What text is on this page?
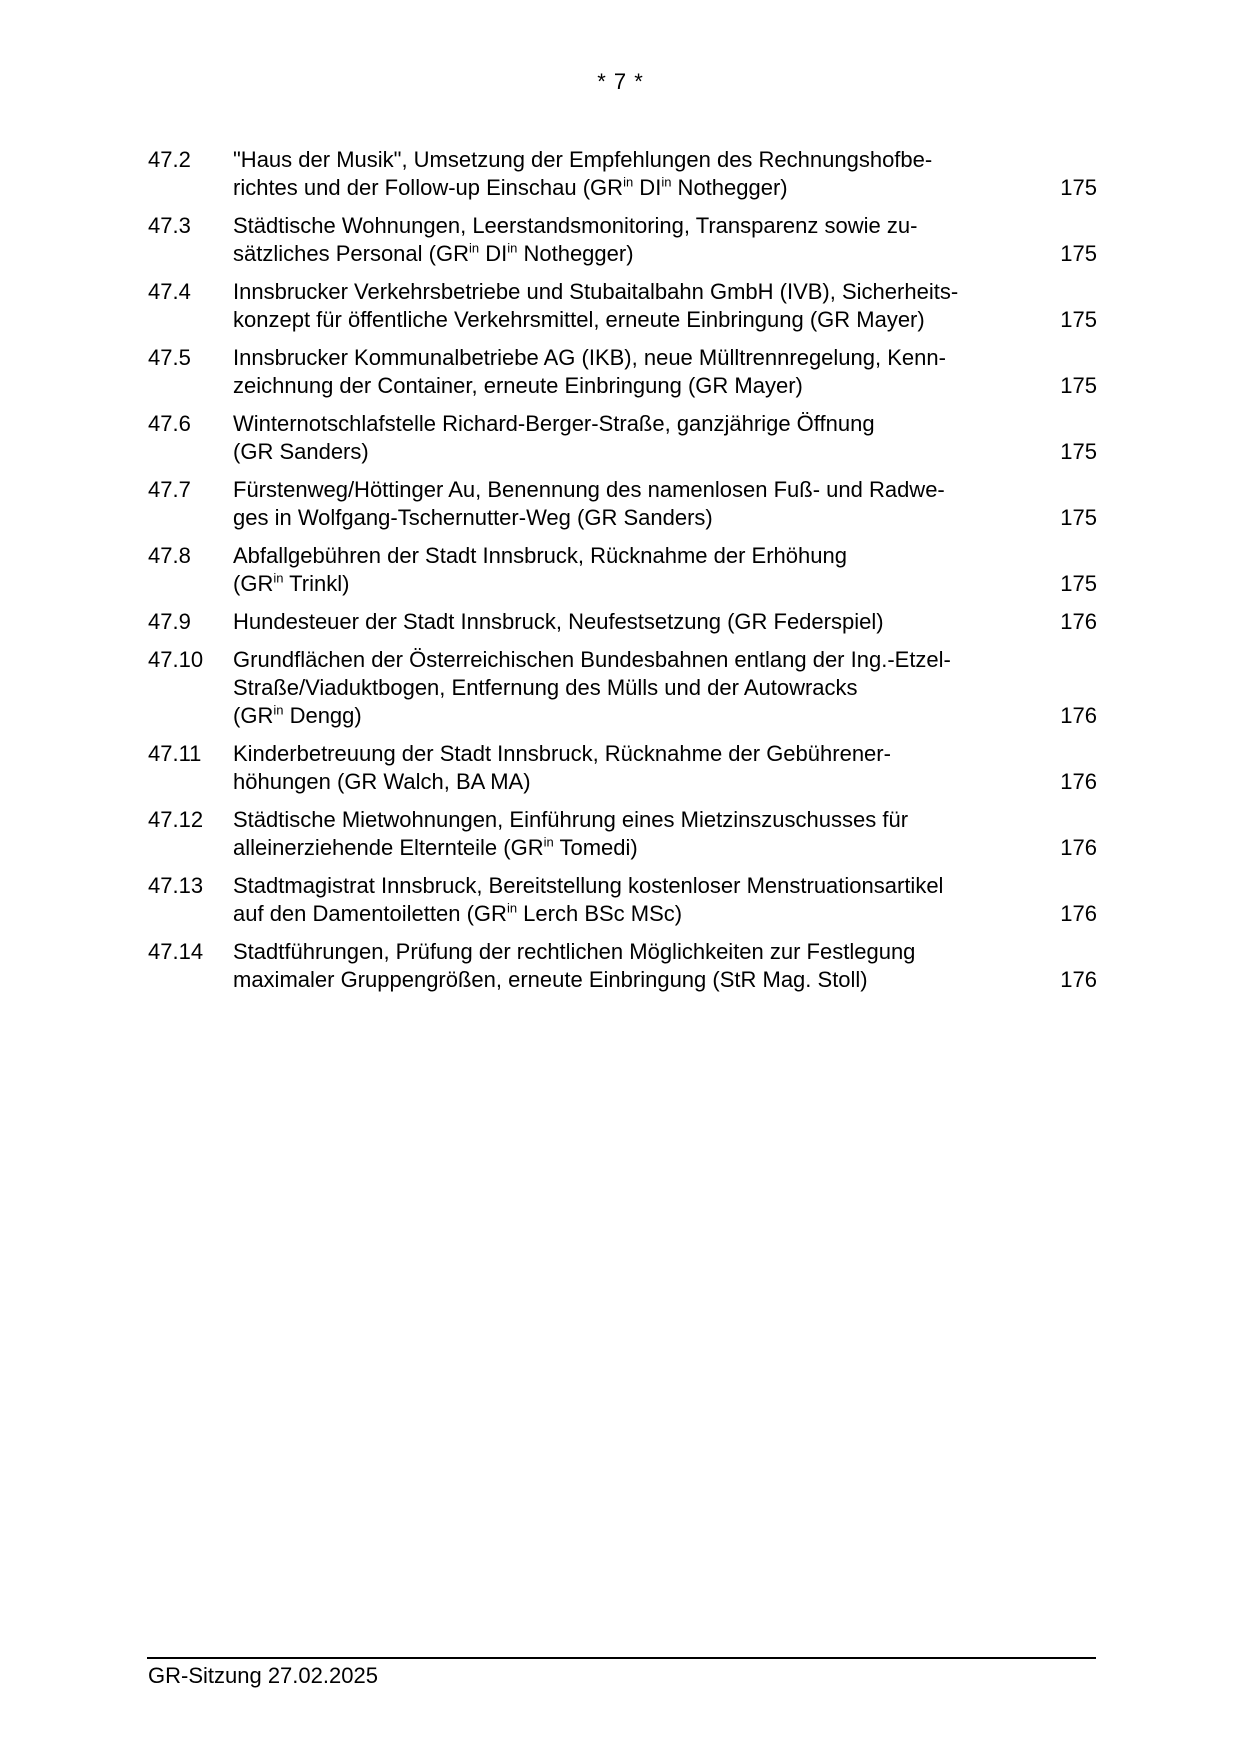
* 7 *
47.2	"Haus der Musik", Umsetzung der Empfehlungen des Rechnungshofbe-
richtes und der Follow-up Einschau ($GR^{in}$ $DI^{in}$ Nothegger)	175
47.3	Städtische Wohnungen, Leerstandsmonitoring, Transparenz sowie zu-
sätzliches Personal ($GR^{in}$ $DI^{in}$ Nothegger)	175
47.4	Innsbrucker Verkehrsbetriebe und Stubaitalbahn GmbH (IVB), Sicherheits-
konzept für öffentliche Verkehrsmittel, erneute Einbringung (GR Mayer)	175
47.5	Innsbrucker Kommunalbetriebe AG (IKB), neue Mülltrennregelung, Kenn-
zeichnung der Container, erneute Einbringung (GR Mayer)	175
47.6	Winternotschlafstelle Richard-Berger-Straße, ganzjährige Öffnung
(GR Sanders)	175
47.7	Fürstenweg/Höttinger Au, Benennung des namenlosen Fuß- und Radwe-
ges in Wolfgang-Tschernutter-Weg (GR Sanders)	175
47.8	Abfallgebühren der Stadt Innsbruck, Rücknahme der Erhöhung
($GR^{in}$ Trinkl)	175
47.9	Hundesteuer der Stadt Innsbruck, Neufestsetzung (GR Federspiel)	176
47.10	Grundflächen der Österreichischen Bundesbahnen entlang der Ing.-Etzel-
Straße/Viaduktbogen, Entfernung des Mülls und der Autowracks
($GR^{in}$ Dengg)	176
47.11	Kinderbetreuung der Stadt Innsbruck, Rücknahme der Gebührener-
höhungen (GR Walch, BA MA)	176
47.12	Städtische Mietwohnungen, Einführung eines Mietzinszuschusses für
alleinerziehende Elternteile ($GR^{in}$ Tomedi)	176
47.13	Stadtmagistrat Innsbruck, Bereitstellung kostenloser Menstruationsartikel
auf den Damentoiletten ($GR^{in}$ Lerch BSc MSc)	176
47.14	Stadtführungen, Prüfung der rechtlichen Möglichkeiten zur Festlegung
maximaler Gruppengrößen, erneute Einbringung (StR Mag. Stoll)	176
GR-Sitzung 27.02.2025
